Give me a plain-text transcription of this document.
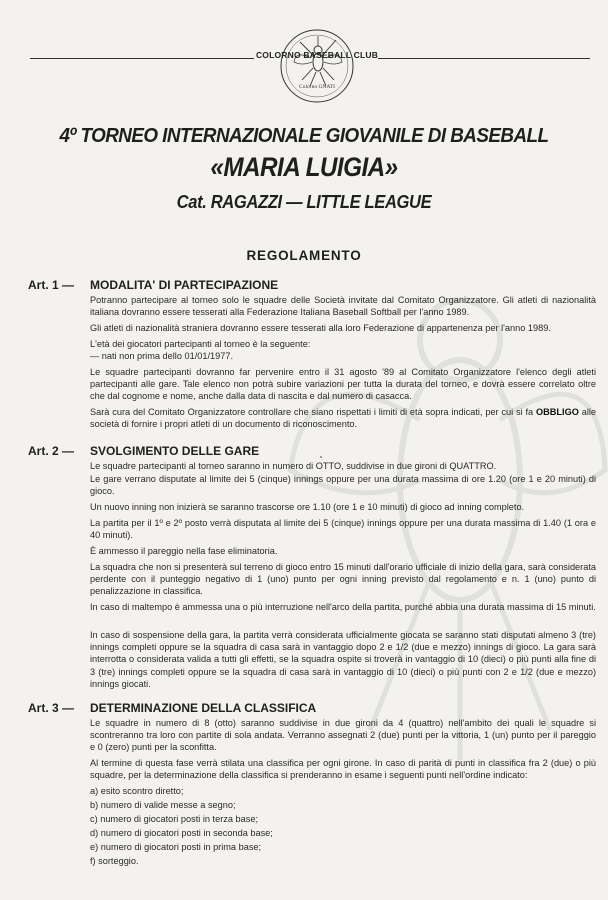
Colorno GNATI
COLORNO BASEBALL CLUB
4º TORNEO INTERNAZIONALE GIOVANILE DI BASEBALL
«MARIA LUIGIA»
Cat. RAGAZZI — LITTLE LEAGUE
REGOLAMENTO
Art. 1 — MODALITA' DI PARTECIPAZIONE
Potranno partecipare al torneo solo le squadre delle Società invitate dal Comitato Organizzatore. Gli atleti di nazionalità italiana dovranno essere tesserati alla Federazione Italiana Baseball Softball per l'anno 1989.
Gli atleti di nazionalità straniera dovranno essere tesserati alla loro Federazione di appartenenza per l'anno 1989.
L'età dei giocatori partecipanti al torneo è la seguente:
— nati non prima dello 01/01/1977.
Le squadre partecipanti dovranno far pervenire entro il 31 agosto '89 al Comitato Organizzatore l'elenco degli atleti partecipanti alle gare. Tale elenco non potrà subire variazioni per tutta la durata del torneo, e dovrà essere correlato oltre che dal cognome e nome, anche dalla data di nascita e dal numero di casacca.
Sarà cura del Comitato Organizzatore controllare che siano rispettati i limiti di età sopra indicati, per cui si fa OBBLIGO alle società di fornire i propri atleti di un documento di riconoscimento.
Art. 2 — SVOLGIMENTO DELLE GARE
Le squadre partecipanti al torneo saranno in numero di OTTO, suddivise in due gironi di QUATTRO.
Le gare verrano disputate al limite dei 5 (cinque) innings oppure per una durata massima di ore 1.20 (ore 1 e 20 minuti) di gioco.
Un nuovo inning non inizierà se saranno trascorse ore 1.10 (ore 1 e 10 minuti) di gioco ad inning completo.
La partita per il 1º e 2º posto verrà disputata al limite dei 5 (cinque) innings oppure per una durata massima di 1.40 (1 ora e 40 minuti).
È ammesso il pareggio nella fase eliminatoria.
La squadra che non si presenterà sul terreno di gioco entro 15 minuti dall'orario ufficiale di inizio della gara, sarà considerata perdente con il punteggio negativo di 1 (uno) punto per ogni inning previsto dal regolamento e n. 1 (uno) punto di penalizzazione in classifica.
In caso di maltempo è ammessa una o più interruzione nell'arco della partita, purché abbia una durata massima di 15 minuti.
In caso di sospensione della gara, la partita verrà considerata ufficialmente giocata se saranno stati disputati almeno 3 (tre) innings completi oppure se la squadra di casa sarà in vantaggio dopo 2 e 1/2 (due e mezzo) innings di gioco. La gara sarà interrotta o considerata valida a tutti gli effetti, se la squadra ospite si troverà in vantaggio di 10 (dieci) o più punti alla fine di 3 (tre) innings completi oppure se la squadra di casa sarà in vantaggio di 10 (dieci) o più punti con 2 e 1/2 (due e mezzo) innings giocati.
Art. 3 — DETERMINAZIONE DELLA CLASSIFICA
Le squadre in numero di 8 (otto) saranno suddivise in due gironi da 4 (quattro) nell'ambito dei quali le squadre si scontreranno tra loro con partite di sola andata. Verranno assegnati 2 (due) punti per la vittoria, 1 (un) punto per il pareggio e 0 (zero) punti per la sconfitta.
Al termine di questa fase verrà stilata una classifica per ogni girone. In caso di parità di punti in classifica fra 2 (due) o più squadre, per la determinazione della classifica si prenderanno in esame i seguenti punti nell'ordine indicato:
a) esito scontro diretto;
b) numero di valide messe a segno;
c) numero di giocatori posti in terza base;
d) numero di giocatori posti in seconda base;
e) numero di giocatori posti in prima base;
f) sorteggio.
